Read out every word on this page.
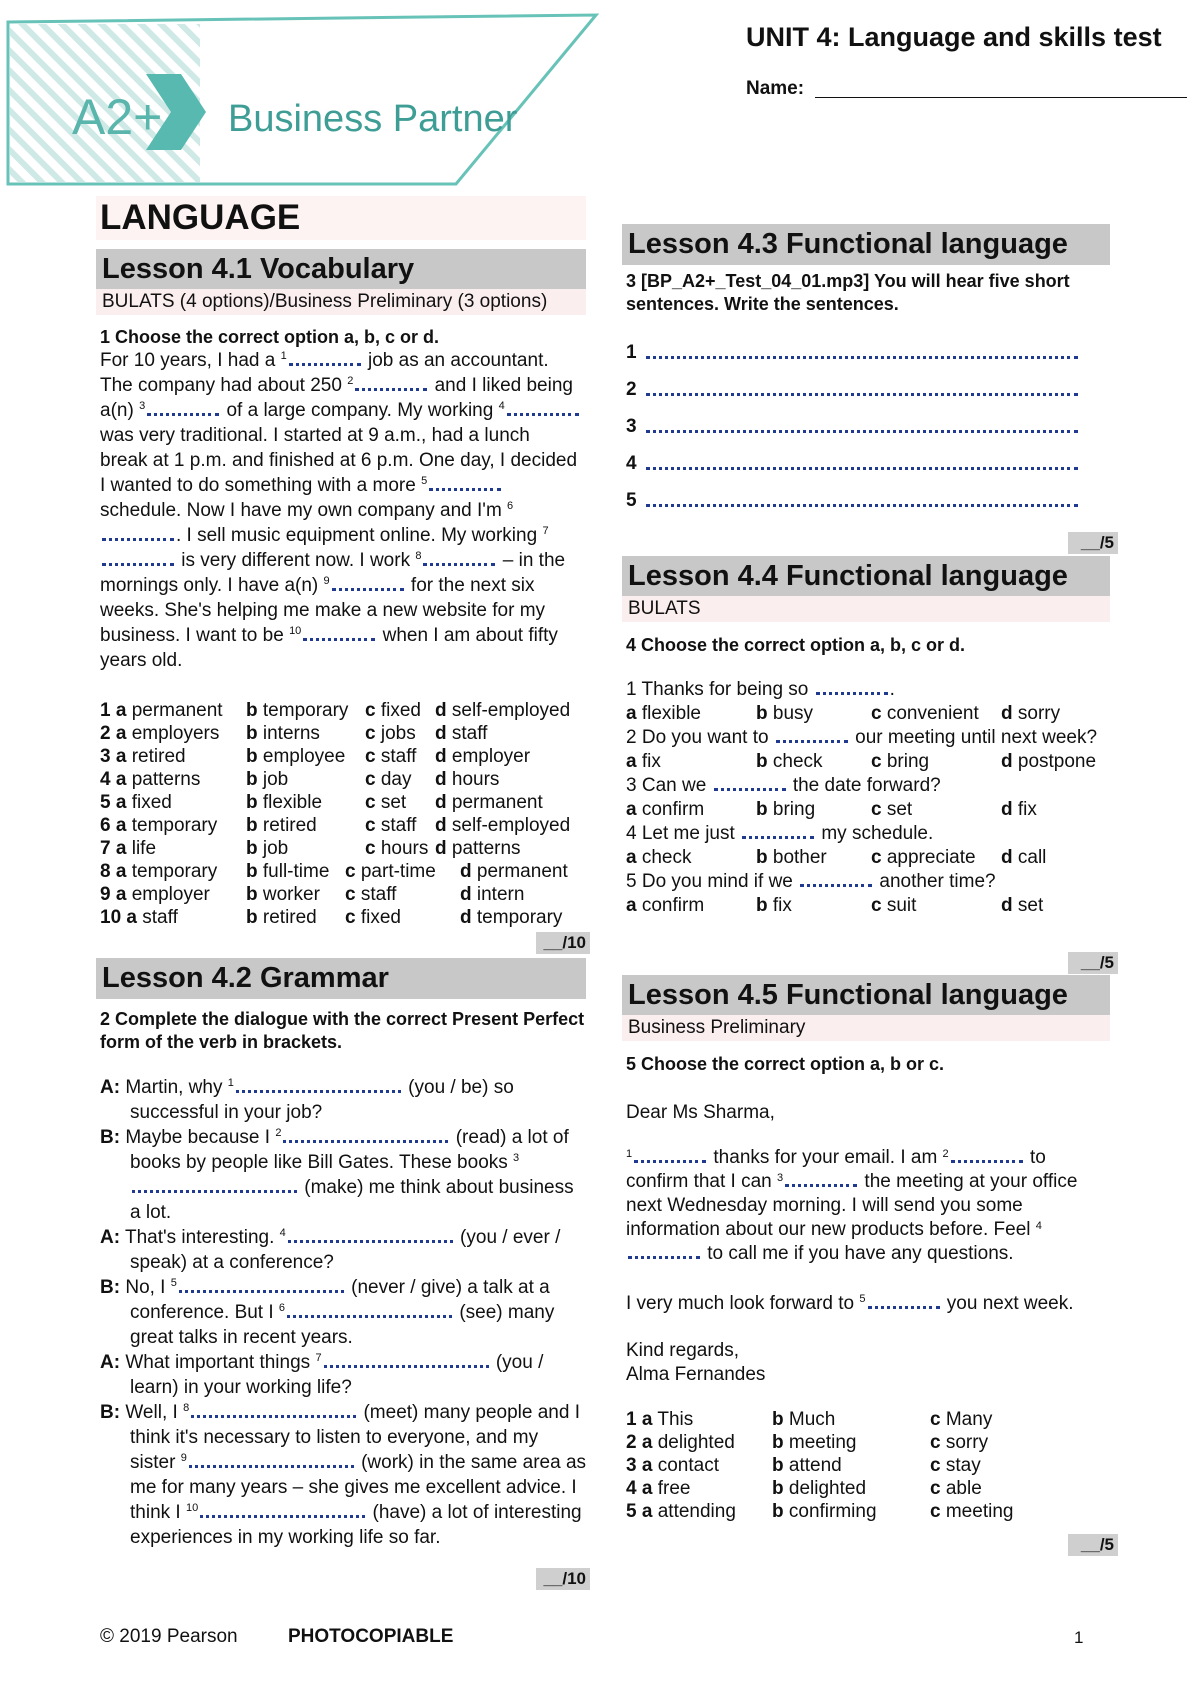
A2+ Business Partner
UNIT 4: Language and skills test
Name:
LANGUAGE
Lesson 4.1 Vocabulary
BULATS (4 options)/Business Preliminary (3 options)
1 Choose the correct option a, b, c or d.
For 10 years, I had a $^1$	job as an accountant. The company had about 250 $^2$	and I liked being a(n) $^3$	of a large company. My working $^4$ was very traditional. I started at 9 a.m., had a lunch break at 1 p.m. and finished at 6 p.m. One day, I decided I wanted to do something with a more $^5$ schedule. Now I have my own company and I'm $^6$. I sell music equipment online. My working $^7$ is very different now. I work $^8$	– in the mornings only. I have a(n) $^9$	for the next six weeks. She's helping me make a new website for my business. I want to be $^{10}$	when I am about fifty years old.
1 a permanent b temporary c fixed d self-employed
2 a employers b interns c jobs d staff
3 a retired	b employee c staff d employer
4 a patterns b job	c day d hours
5 a fixed	b flexible c set d permanent
6 a temporary b retired	c staff d self-employed
7 a life	b job	c hours d patterns
8 a temporary b full-time c part-time d permanent
9 a employer b worker c staff	d intern
10 a staff	b retired c fixed	d temporary
__/10
Lesson 4.2 Grammar
2 Complete the dialogue with the correct Present Perfect form of the verb in brackets.
A: Martin, why $^1$	(you / be) so successful in your job?
B: Maybe because I $^2$	(read) a lot of books by people like Bill Gates. These books $^3$ (make) me think about business a lot.
A: That's interesting. $^4$	(you / ever / speak) at a conference?
B: No, I $^5$	(never / give) a talk at a conference. But I $^6$	(see) many great talks in recent years.
A: What important things $^7$	(you / learn) in your working life?
B: Well, I $^8$	(meet) many people and I think it's necessary to listen to everyone, and my sister $^9$	(work) in the same area as me for many years – she gives me excellent advice. I think I $^{10}$	(have) a lot of interesting experiences in my working life so far.
__/10
Lesson 4.3 Functional language
3 [BP_A2+_Test_04_01.mp3] You will hear five short sentences. Write the sentences.
1
2
3
4
5
__/5
Lesson 4.4 Functional language
BULATS
4 Choose the correct option a, b, c or d.
1 Thanks for being so	.
a flexible	b busy	c convenient d sorry
2 Do you want to	our meeting until next week?
a fix	b check	c bring	d postpone
3 Can we	the date forward?
a confirm	b bring	c set	d fix
4 Let me just	my schedule.
a check	b bother c appreciate d call
5 Do you mind if we	another time?
a confirm	b fix	c suit	d set
__/5
Lesson 4.5 Functional language
Business Preliminary
5 Choose the correct option a, b or c.
Dear Ms Sharma,
$^1$	thanks for your email. I am $^2$	to confirm that I can $^3$	the meeting at your office next Wednesday morning. I will send you some information about our new products before. Feel $^4$ to call me if you have any questions.
I very much look forward to $^5$	you next week.
Kind regards,
Alma Fernandes
1 a This	b Much	c Many
2 a delighted b meeting	c sorry
3 a contact	b attend	c stay
4 a free	b delighted	c able
5 a attending b confirming	c meeting
__/5
© 2019 Pearson	PHOTOCOPIABLE	1
